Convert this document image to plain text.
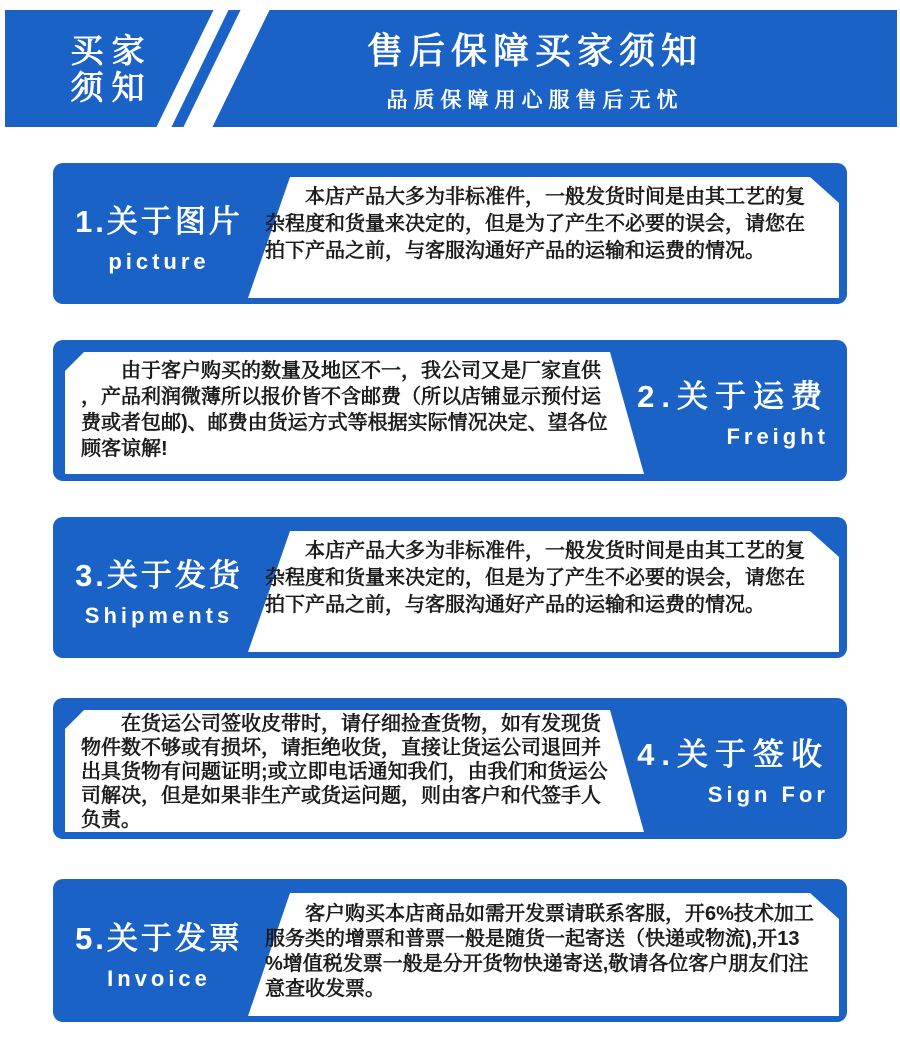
买家
须知
售后保障买家须知
品质保障用心服售后无忧
1.关于图片
picture
本店产品大多为非标准件，一般发货时间是由其工艺的复杂程度和货量来决定的，但是为了产生不必要的误会，请您在拍下产品之前，与客服沟通好产品的运输和运费的情况。
2.关于运费
Freight
由于客户购买的数量及地区不一，我公司又是厂家直供，产品利润微薄所以报价皆不含邮费（所以店铺显示预付运费或者包邮)、邮费由货运方式等根据实际情况决定、望各位顾客谅解!
3.关于发货
Shipments
本店产品大多为非标准件，一般发货时间是由其工艺的复杂程度和货量来决定的，但是为了产生不必要的误会，请您在拍下产品之前，与客服沟通好产品的运输和运费的情况。
4.关于签收
Sign For
在货运公司签收皮带时，请仔细捡查货物，如有发现货物件数不够或有损坏，请拒绝收货，直接让货运公司退回并出具货物有问题证明;或立即电话通知我们，由我们和货运公司解决，但是如果非生产或货运问题，则由客户和代签手人负责。
5.关于发票
Invoice
客户购买本店商品如需开发票请联系客服，开6%技术加工服务类的增票和普票一般是随货一起寄送（快递或物流),开13%增值税发票一般是分开货物快递寄送,敬请各位客户朋友们注意查收发票。
